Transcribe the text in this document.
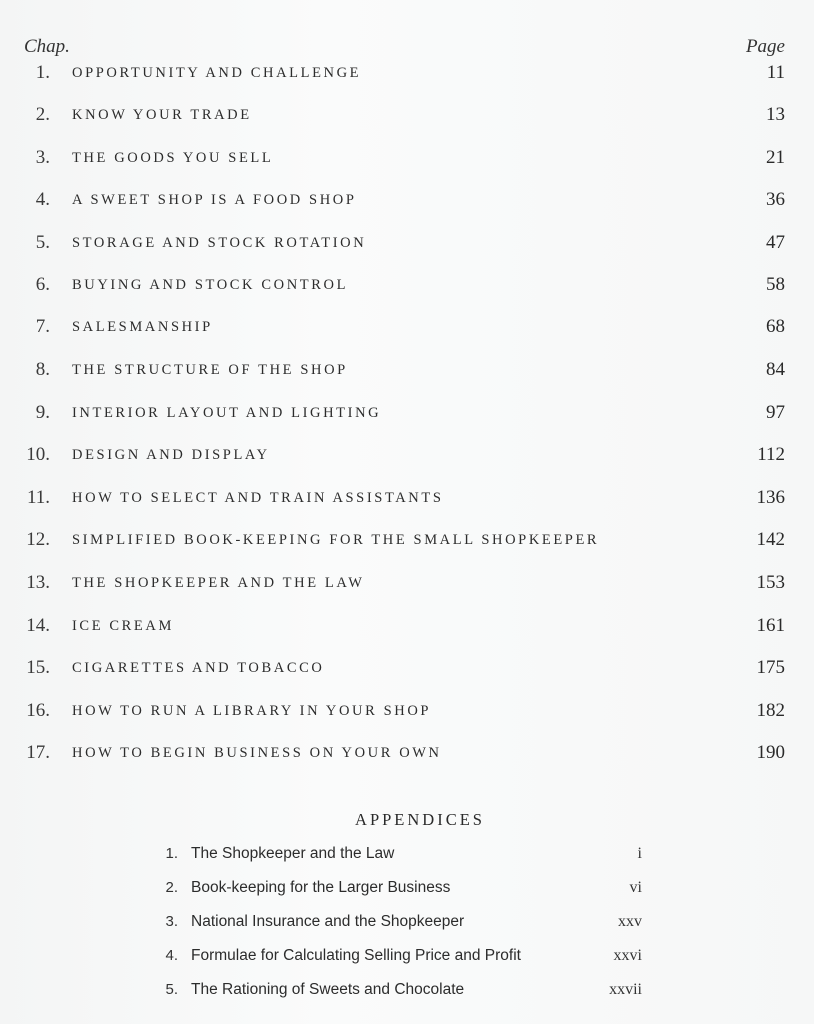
Chap.	Page
1. OPPORTUNITY AND CHALLENGE	11
2. KNOW YOUR TRADE	13
3. THE GOODS YOU SELL	21
4. A SWEET SHOP IS A FOOD SHOP	36
5. STORAGE AND STOCK ROTATION	47
6. BUYING AND STOCK CONTROL	58
7. SALESMANSHIP	68
8. THE STRUCTURE OF THE SHOP	84
9. INTERIOR LAYOUT AND LIGHTING	97
10. DESIGN AND DISPLAY	112
11. HOW TO SELECT AND TRAIN ASSISTANTS	136
12. SIMPLIFIED BOOK-KEEPING FOR THE SMALL SHOPKEEPER	142
13. THE SHOPKEEPER AND THE LAW	153
14. ICE CREAM	161
15. CIGARETTES AND TOBACCO	175
16. HOW TO RUN A LIBRARY IN YOUR SHOP	182
17. HOW TO BEGIN BUSINESS ON YOUR OWN	190
APPENDICES
1. The Shopkeeper and the Law	i
2. Book-keeping for the Larger Business	vi
3. National Insurance and the Shopkeeper	xxv
4. Formulae for Calculating Selling Price and Profit	xxvi
5. The Rationing of Sweets and Chocolate	xxvii
